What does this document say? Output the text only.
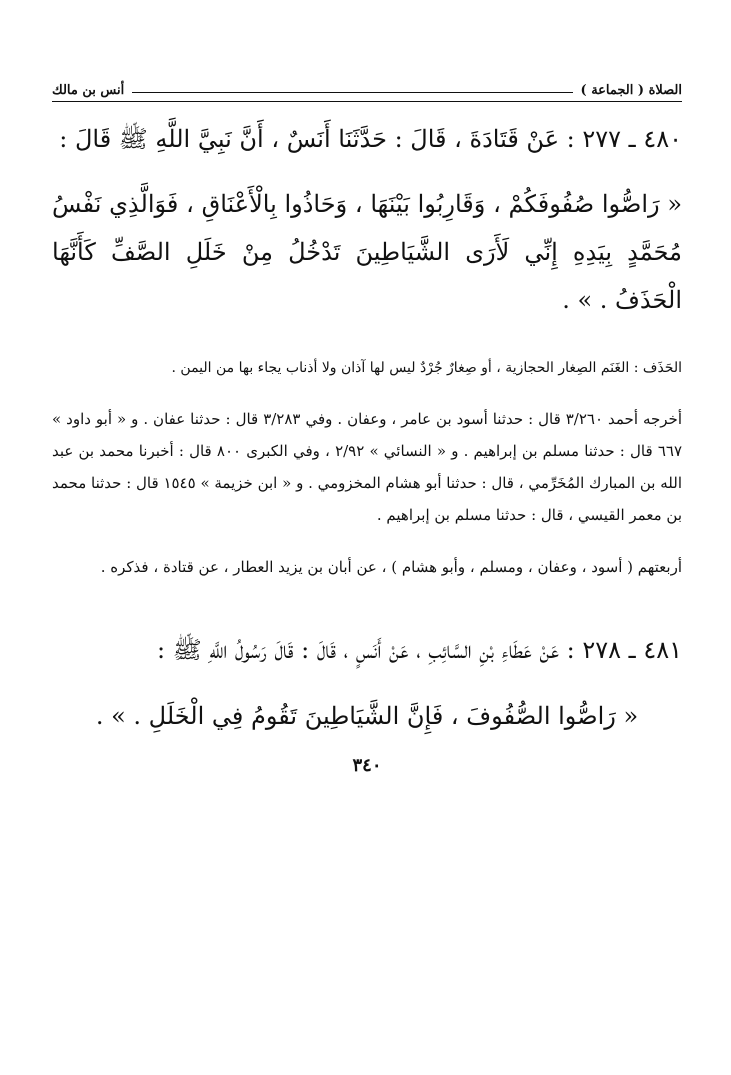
الصلاة ( الجماعة )
أنس بن مالك
٤٨٠ ـ ٢٧٧ : عَنْ قَتَادَةَ ، قَالَ : حَدَّثَنَا أَنَسٌ ، أَنَّ نَبِيَّ اللَّهِ ﷺ قَالَ :
« رَاصُّوا صُفُوفَكُمْ ، وَقَارِبُوا بَيْنَهَا ، وَحَاذُوا بِالْأَعْنَاقِ ، فَوَالَّذِي نَفْسُ مُحَمَّدٍ بِيَدِهِ إِنِّي لَأَرَى الشَّيَاطِينَ تَدْخُلُ مِنْ خَلَلِ الصَّفِّ كَأَنَّهَا الْحَذَفُ . » .
الحَذَف : الغَنَم الصِغار الحجازية ، أو صِغارٌ جُرْدٌ ليس لها آذان ولا أذناب يجاء بها من اليمن .
أخرجه أحمد ٣/٢٦٠ قال : حدثنا أسود بن عامر ، وعفان . وفي ٣/٢٨٣ قال : حدثنا عفان . و « أبو داود » ٦٦٧ قال : حدثنا مسلم بن إبراهيم . و « النسائي » ٢/٩٢ ، وفي الكبرى ٨٠٠ قال : أخبرنا محمد بن عبد الله بن المبارك المُخَرِّمي ، قال : حدثنا أبو هشام المخزومي . و « ابن خزيمة » ١٥٤٥ قال : حدثنا محمد بن معمر القيسي ، قال : حدثنا مسلم بن إبراهيم .
أربعتهم ( أسود ، وعفان ، ومسلم ، وأبو هشام ) ، عن أبان بن يزيد العطار ، عن قتادة ، فذكره .
٤٨١ ـ ٢٧٨ : عَنْ عَطَاءِ بْنِ السَّائِبِ ، عَنْ أَنَسٍ ، قَالَ : قَالَ رَسُولُ اللَّهِ ﷺ :
« رَاصُّوا الصُّفُوفَ ، فَإِنَّ الشَّيَاطِينَ تَقُومُ فِي الْخَلَلِ . » .
٣٤٠
